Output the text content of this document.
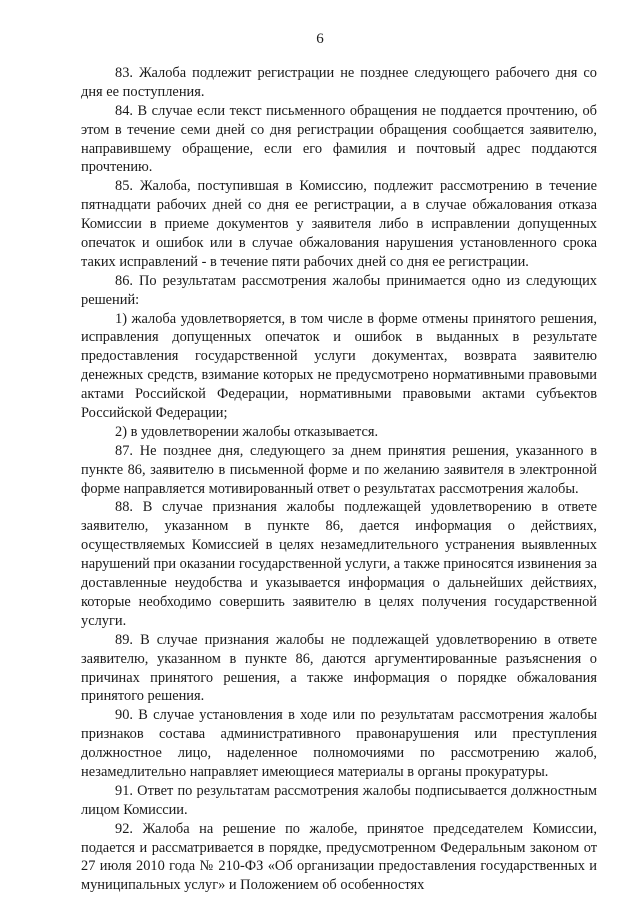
6

83. Жалоба подлежит регистрации не позднее следующего рабочего дня со дня ее поступления.

84. В случае если текст письменного обращения не поддается прочтению, об этом в течение семи дней со дня регистрации обращения сообщается заявителю, направившему обращение, если его фамилия и почтовый адрес поддаются прочтению.

85. Жалоба, поступившая в Комиссию, подлежит рассмотрению в течение пятнадцати рабочих дней со дня ее регистрации, а в случае обжалования отказа Комиссии в приеме документов у заявителя либо в исправлении допущенных опечаток и ошибок или в случае обжалования нарушения установленного срока таких исправлений - в течение пяти рабочих дней со дня ее регистрации.

86. По результатам рассмотрения жалобы принимается одно из следующих решений:

1) жалоба удовлетворяется, в том числе в форме отмены принятого решения, исправления допущенных опечаток и ошибок в выданных в результате предоставления государственной услуги документах, возврата заявителю денежных средств, взимание которых не предусмотрено нормативными правовыми актами Российской Федерации, нормативными правовыми актами субъектов Российской Федерации;

2) в удовлетворении жалобы отказывается.

87. Не позднее дня, следующего за днем принятия решения, указанного в пункте 86, заявителю в письменной форме и по желанию заявителя в электронной форме направляется мотивированный ответ о результатах рассмотрения жалобы.

88. В случае признания жалобы подлежащей удовлетворению в ответе заявителю, указанном в пункте 86, дается информация о действиях, осуществляемых Комиссией в целях незамедлительного устранения выявленных нарушений при оказании государственной услуги, а также приносятся извинения за доставленные неудобства и указывается информация о дальнейших действиях, которые необходимо совершить заявителю в целях получения государственной услуги.

89. В случае признания жалобы не подлежащей удовлетворению в ответе заявителю, указанном в пункте 86, даются аргументированные разъяснения о причинах принятого решения, а также информация о порядке обжалования принятого решения.

90. В случае установления в ходе или по результатам рассмотрения жалобы признаков состава административного правонарушения или преступления должностное лицо, наделенное полномочиями по рассмотрению жалоб, незамедлительно направляет имеющиеся материалы в органы прокуратуры.

91. Ответ по результатам рассмотрения жалобы подписывается должностным лицом Комиссии.

92. Жалоба на решение по жалобе, принятое председателем Комиссии, подается и рассматривается в порядке, предусмотренном Федеральным законом от 27 июля 2010 года № 210-ФЗ «Об организации предоставления государственных и муниципальных услуг» и Положением об особенностях
